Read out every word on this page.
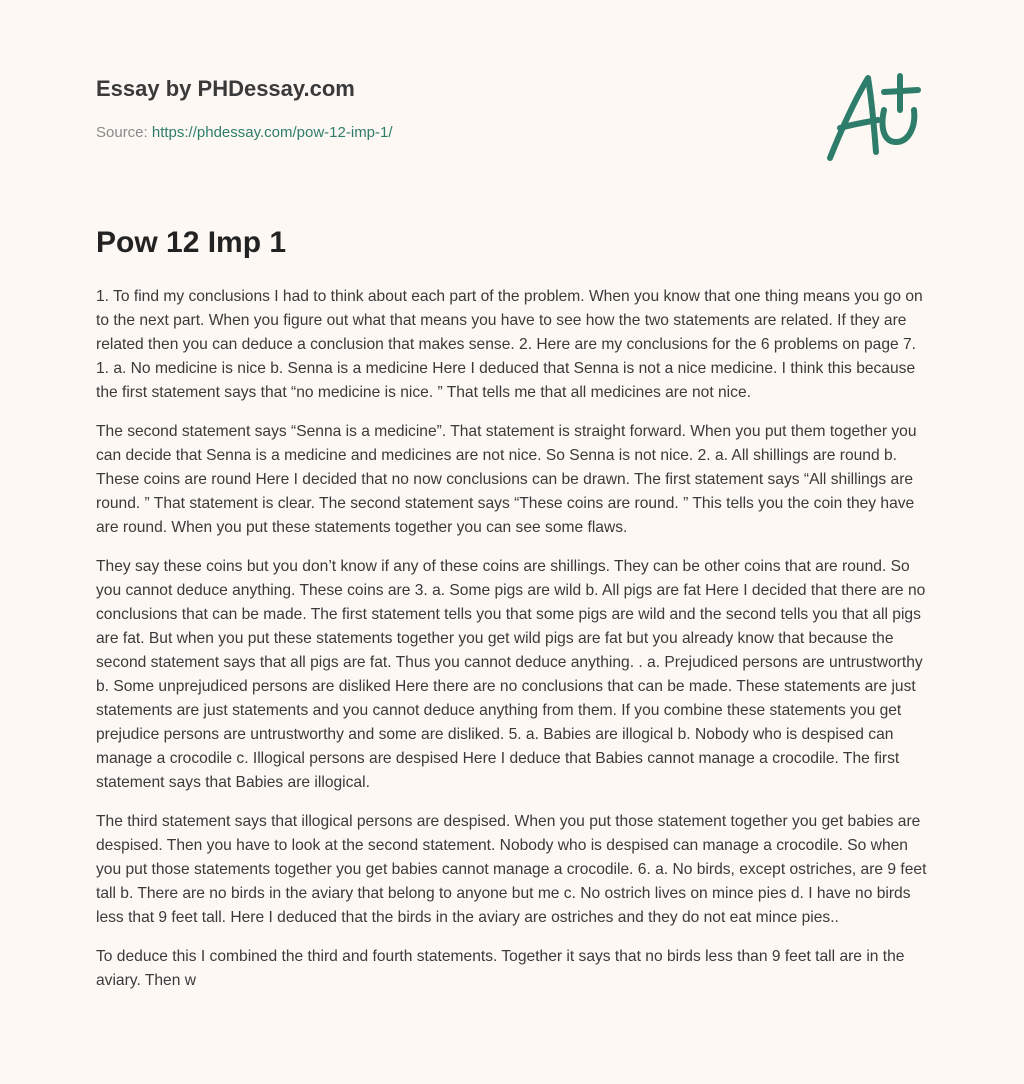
Essay by PHDessay.com
Source: https://phdessay.com/pow-12-imp-1/
Pow 12 Imp 1

1. To find my conclusions I had to think about each part of the problem. When you know that one thing means you go on to the next part. When you figure out what that means you have to see how the two statements are related. If they are related then you can deduce a conclusion that makes sense. 2. Here are my conclusions for the 6 problems on page 7. 1. a. No medicine is nice b. Senna is a medicine Here I deduced that Senna is not a nice medicine. I think this because the first statement says that “no medicine is nice. ” That tells me that all medicines are not nice.

The second statement says “Senna is a medicine”. That statement is straight forward. When you put them together you can decide that Senna is a medicine and medicines are not nice. So Senna is not nice. 2. a. All shillings are round b. These coins are round Here I decided that no now conclusions can be drawn. The first statement says “All shillings are round. ” That statement is clear. The second statement says “These coins are round. ” This tells you the coin they have are round. When you put these statements together you can see some flaws.

They say these coins but you don’t know if any of these coins are shillings. They can be other coins that are round. So you cannot deduce anything. These coins are 3. a. Some pigs are wild b. All pigs are fat Here I decided that there are no conclusions that can be made. The first statement tells you that some pigs are wild and the second tells you that all pigs are fat. But when you put these statements together you get wild pigs are fat but you already know that because the second statement says that all pigs are fat. Thus you cannot deduce anything. . a. Prejudiced persons are untrustworthy b. Some unprejudiced persons are disliked Here there are no conclusions that can be made. These statements are just statements are just statements and you cannot deduce anything from them. If you combine these statements you get prejudice persons are untrustworthy and some are disliked. 5. a. Babies are illogical b. Nobody who is despised can manage a crocodile c. Illogical persons are despised Here I deduce that Babies cannot manage a crocodile. The first statement says that Babies are illogical.

The third statement says that illogical persons are despised. When you put those statement together you get babies are despised. Then you have to look at the second statement. Nobody who is despised can manage a crocodile. So when you put those statements together you get babies cannot manage a crocodile. 6. a. No birds, except ostriches, are 9 feet tall b. There are no birds in the aviary that belong to anyone but me c. No ostrich lives on mince pies d. I have no birds less that 9 feet tall. Here I deduced that the birds in the aviary are ostriches and they do not eat mince pies..

To deduce this I combined the third and fourth statements. Together it says that no birds less than 9 feet tall are in the aviary. Then w
